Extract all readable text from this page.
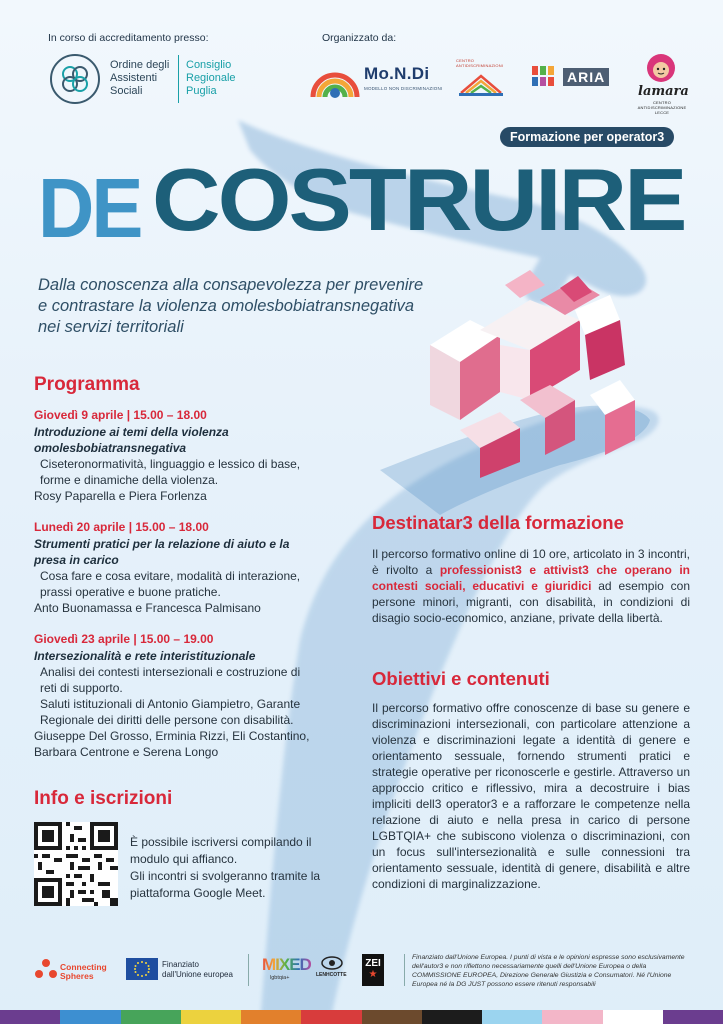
In corso di accreditamento presso:	Organizzato da:
Ordine degli
Assistenti
Sociali
Consiglio
Regionale
Puglia
Mo.N.Di
MODELLO NON DISCRIMINAZIONI
CENTRO ANTIDISCRIMINAZIONI
ARIA
lamara
CENTRO ANTIDISCRIMINAZIONE LECCE
Formazione per operator3
DE COSTRUIRE
Dalla conoscenza alla consapevolezza per prevenire
e contrastare la violenza omolesbobiatransnegativa
nei servizi territoriali
Programma
Giovedì 9 aprile | 15.00 – 18.00
Introduzione ai temi della violenza
omolesbobiatransnegativa
Ciseteronormatività, linguaggio e lessico di base,
forme e dinamiche della violenza.
Rosy Paparella e Piera Forlenza
Lunedì 20 aprile | 15.00 – 18.00
Strumenti pratici per la relazione di aiuto e la
presa in carico
Cosa fare e cosa evitare, modalità di interazione,
prassi operative e buone pratiche.
Anto Buonamassa e Francesca Palmisano
Giovedì 23 aprile | 15.00 – 19.00
Intersezionalità e rete interistituzionale
Analisi dei contesti intersezionali e costruzione di
reti di supporto.
Saluti istituzionali di Antonio Giampietro, Garante
Regionale dei diritti delle persone con disabilità.
Giuseppe Del Grosso, Erminia Rizzi, Eli Costantino,
Barbara Centrone e Serena Longo
Info e iscrizioni
È possibile iscriversi compilando il
modulo qui affianco.
Gli incontri si svolgeranno tramite la
piattaforma Google Meet.
Destinatar3 della formazione
Il percorso formativo online di 10 ore, articolato in 3 incontri, è rivolto a professionist3 e attivist3 che operano in contesti sociali, educativi e giuridici ad esempio con persone minori, migranti, con disabilità, in condizioni di disagio socio-economico, anziane, private della libertà.
Obiettivi e contenuti
Il percorso formativo offre conoscenze di base su genere e discriminazioni intersezionali, con particolare attenzione a violenza e discriminazioni legate a identità di genere e orientamento sessuale, fornendo strumenti pratici e strategie operative per riconoscerle e gestirle. Attraverso un approccio critico e riflessivo, mira a decostruire i bias impliciti dell3 operator3 e a rafforzare le competenze nella relazione di aiuto e nella presa in carico di persone LGBTQIA+ che subiscono violenza o discriminazioni, con un focus sull'intersezionalità e sulle connessioni tra orientamento sessuale, identità di genere, disabilità e altre condizioni di marginalizzazione.
Connecting
Spheres
Finanziato
dall'Unione europea
MIXED
lgbtqia+	LENHCOTTE
ZEI
★
Finanziato dall'Unione Europea. I punti di vista e le opinioni espresse sono esclusivamente dell'autor3 e non riflettono necessariamente quelli dell'Unione Europea o della COMMISSIONE EUROPEA, Direzione Generale Giustizia e Consumatori. Né l'Unione Europea né la DG JUST possono essere ritenuti responsabili
